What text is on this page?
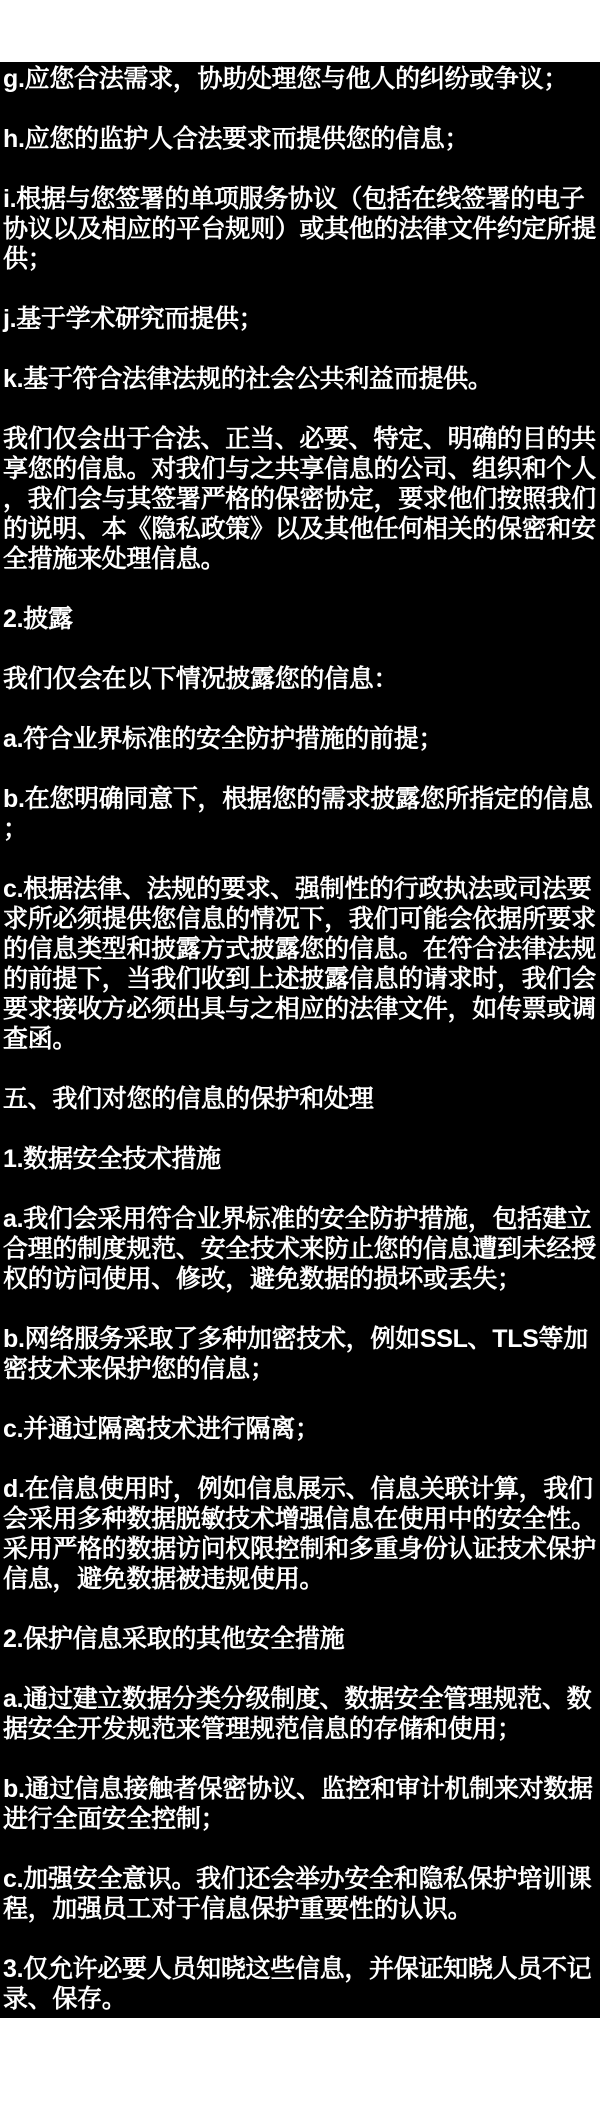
g.应您合法需求，协助处理您与他人的纠纷或争议；

h.应您的监护人合法要求而提供您的信息；

i.根据与您签署的单项服务协议（包括在线签署的电子协议以及相应的平台规则）或其他的法律文件约定所提供；

j.基于学术研究而提供；

k.基于符合法律法规的社会公共利益而提供。

我们仅会出于合法、正当、必要、特定、明确的目的共享您的信息。对我们与之共享信息的公司、组织和个人，我们会与其签署严格的保密协定，要求他们按照我们的说明、本《隐私政策》以及其他任何相关的保密和安全措施来处理信息。

2.披露

我们仅会在以下情况披露您的信息：

a.符合业界标准的安全防护措施的前提；

b.在您明确同意下，根据您的需求披露您所指定的信息；

c.根据法律、法规的要求、强制性的行政执法或司法要求所必须提供您信息的情况下，我们可能会依据所要求的信息类型和披露方式披露您的信息。在符合法律法规的前提下，当我们收到上述披露信息的请求时，我们会要求接收方必须出具与之相应的法律文件，如传票或调查函。

五、我们对您的信息的保护和处理

1.数据安全技术措施

a.我们会采用符合业界标准的安全防护措施，包括建立合理的制度规范、安全技术来防止您的信息遭到未经授权的访问使用、修改，避免数据的损坏或丢失；

b.网络服务采取了多种加密技术，例如SSL、TLS等加密技术来保护您的信息；

c.并通过隔离技术进行隔离；

d.在信息使用时，例如信息展示、信息关联计算，我们会采用多种数据脱敏技术增强信息在使用中的安全性。采用严格的数据访问权限控制和多重身份认证技术保护信息，避免数据被违规使用。

2.保护信息采取的其他安全措施

a.通过建立数据分类分级制度、数据安全管理规范、数据安全开发规范来管理规范信息的存储和使用；

b.通过信息接触者保密协议、监控和审计机制来对数据进行全面安全控制；

c.加强安全意识。我们还会举办安全和隐私保护培训课程，加强员工对于信息保护重要性的认识。

3.仅允许必要人员知晓这些信息，并保证知晓人员不记录、保存。
